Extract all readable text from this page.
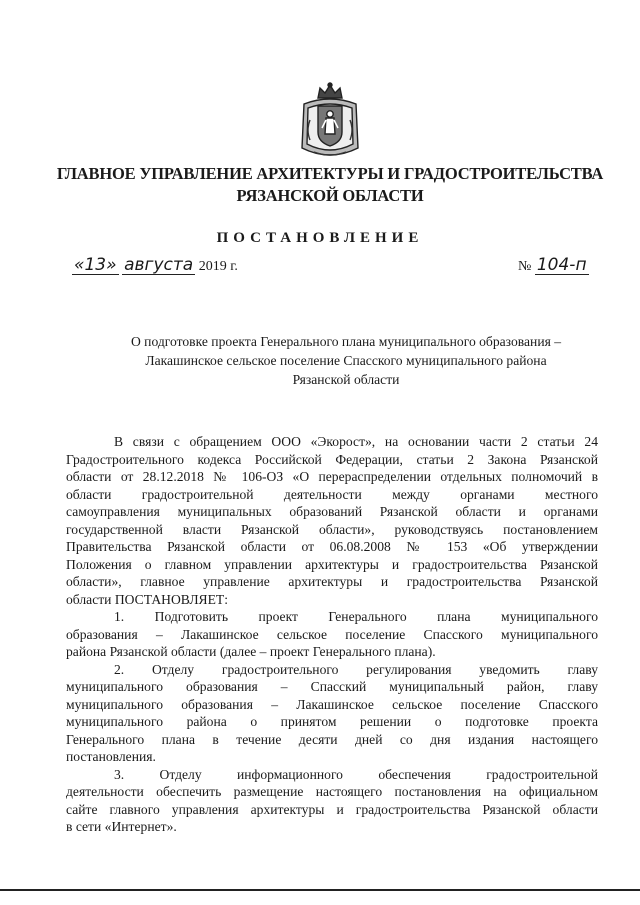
ГЛАВНОЕ УПРАВЛЕНИЕ АРХИТЕКТУРЫ И ГРАДОСТРОИТЕЛЬСТВА
РЯЗАНСКОЙ ОБЛАСТИ
ПОСТАНОВЛЕНИЕ
«13» августа 2019 г.	№ 104-п
О подготовке проекта Генерального плана муниципального образования –
Лакашинское сельское поселение Спасского муниципального района
Рязанской области
В связи с обращением ООО «Экорост», на основании части 2 статьи 24
Градостроительного кодекса Российской Федерации, статьи 2 Закона Рязанской
области от 28.12.2018 № 106-ОЗ «О перераспределении отдельных полномочий в
области градостроительной деятельности между органами местного
самоуправления муниципальных образований Рязанской области и органами
государственной власти Рязанской области», руководствуясь постановлением
Правительства Рязанской области от 06.08.2008 № 153 «Об утверждении
Положения о главном управлении архитектуры и градостроительства Рязанской
области», главное управление архитектуры и градостроительства Рязанской
области ПОСТАНОВЛЯЕТ:
1. Подготовить проект Генерального плана муниципального
образования – Лакашинское сельское поселение Спасского муниципального
района Рязанской области (далее – проект Генерального плана).
2. Отделу градостроительного регулирования уведомить главу
муниципального образования – Спасский муниципальный район, главу
муниципального образования – Лакашинское сельское поселение Спасского
муниципального района о принятом решении о подготовке проекта
Генерального плана в течение десяти дней со дня издания настоящего
постановления.
3. Отделу информационного обеспечения градостроительной
деятельности обеспечить размещение настоящего постановления на официальном
сайте главного управления архитектуры и градостроительства Рязанской области
в сети «Интернет».
